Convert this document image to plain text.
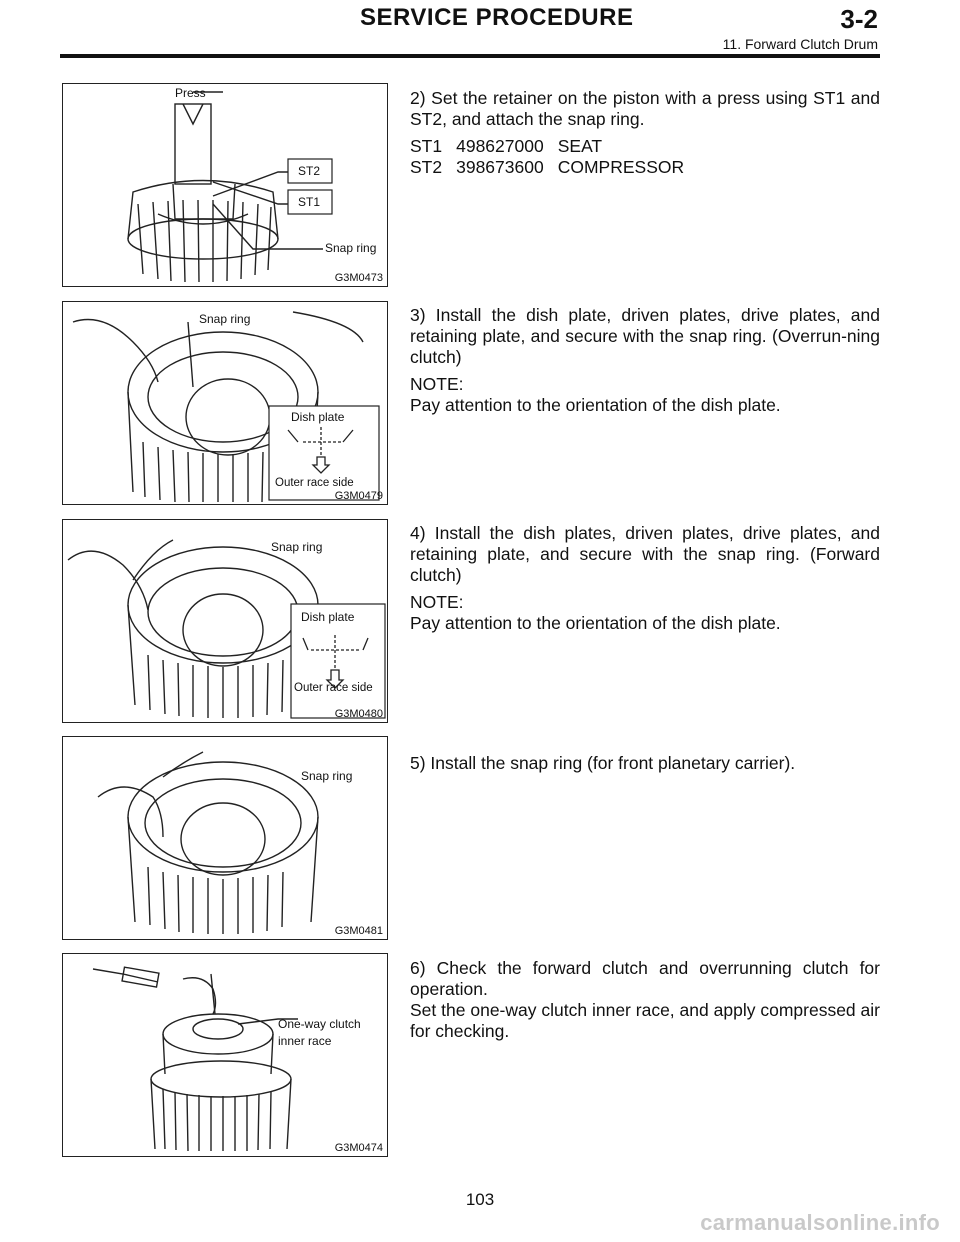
SERVICE PROCEDURE	3-2
11. Forward Clutch Drum
Press
ST2
ST1
Snap ring
G3M0473

2) Set the retainer on the piston with a press using ST1 and ST2, and attach the snap ring.

ST1 498627000 SEAT
ST2 398673600 COMPRESSOR
Snap ring
Dish plate
Outer race side
G3M0479

3) Install the dish plate, driven plates, drive plates, and retaining plate, and secure with the snap ring. (Overrun-ning clutch)

NOTE:

Pay attention to the orientation of the dish plate.

Snap ring
Dish plate
Outer race side
G3M0480

4) Install the dish plates, driven plates, drive plates, and retaining plate, and secure with the snap ring. (Forward clutch)

NOTE:

Pay attention to the orientation of the dish plate.

Snap ring
G3M0481

5) Install the snap ring (for front planetary carrier).

One-way clutch
inner race
G3M0474

6) Check the forward clutch and overrunning clutch for operation.

Set the one-way clutch inner race, and apply compressed air for checking.

103
carmanualsonline.info
